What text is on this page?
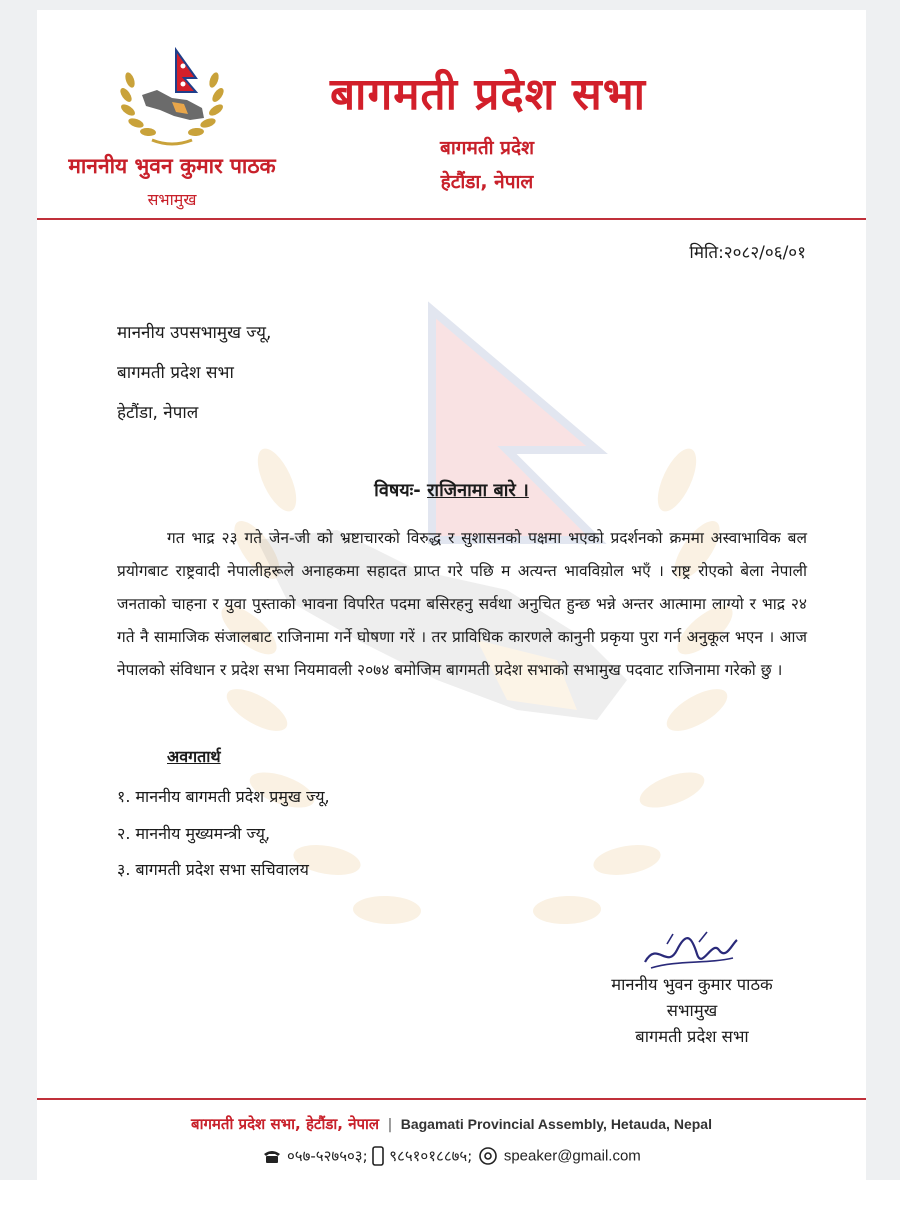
माननीय भुवन कुमार पाठक
सभामुख
बागमती प्रदेश सभा
बागमती प्रदेश
हेटौंडा, नेपाल
मिति:२०८२/०६/०१
माननीय उपसभामुख ज्यू,
बागमती प्रदेश सभा
हेटौंडा, नेपाल
विषयः- राजिनामा बारे ।
गत भाद्र २३ गते जेन-जी को भ्रष्टाचारको विरुद्ध र सुशासनको पक्षमा भएको प्रदर्शनको क्रममा अस्वाभाविक बल प्रयोगबाट राष्ट्रवादी नेपालीहरूले अनाहकमा सहादत प्राप्त गरे पछि म अत्यन्त भावविय़ोल भएँ । राष्ट्र रोएको बेला नेपाली जनताको चाहना र युवा पुस्ताको भावना विपरित पदमा बसिरहनु सर्वथा अनुचित हुन्छ भन्ने अन्तर आत्मामा लाग्यो र भाद्र २४ गते नै सामाजिक संजालबाट राजिनामा गर्ने घोषणा गरें । तर प्राविधिक कारणले कानुनी प्रकृया पुरा गर्न अनुकूल भएन । आज नेपालको संविधान र प्रदेश सभा नियमावली २०७४ बमोजिम बागमती प्रदेश सभाको सभामुख पदवाट राजिनामा गरेको छु ।
अवगतार्थ
१. माननीय बागमती प्रदेश प्रमुख ज्यू,
२. माननीय मुख्यमन्त्री ज्यू,
३. बागमती प्रदेश सभा सचिवालय
माननीय भुवन कुमार पाठक
सभामुख
बागमती प्रदेश सभा
बागमती प्रदेश सभा, हेटौंडा, नेपाल | Bagamati Provincial Assembly, Hetauda, Nepal
०५७-५२७५०३; ९८५१०१८८७५; speaker@gmail.com
